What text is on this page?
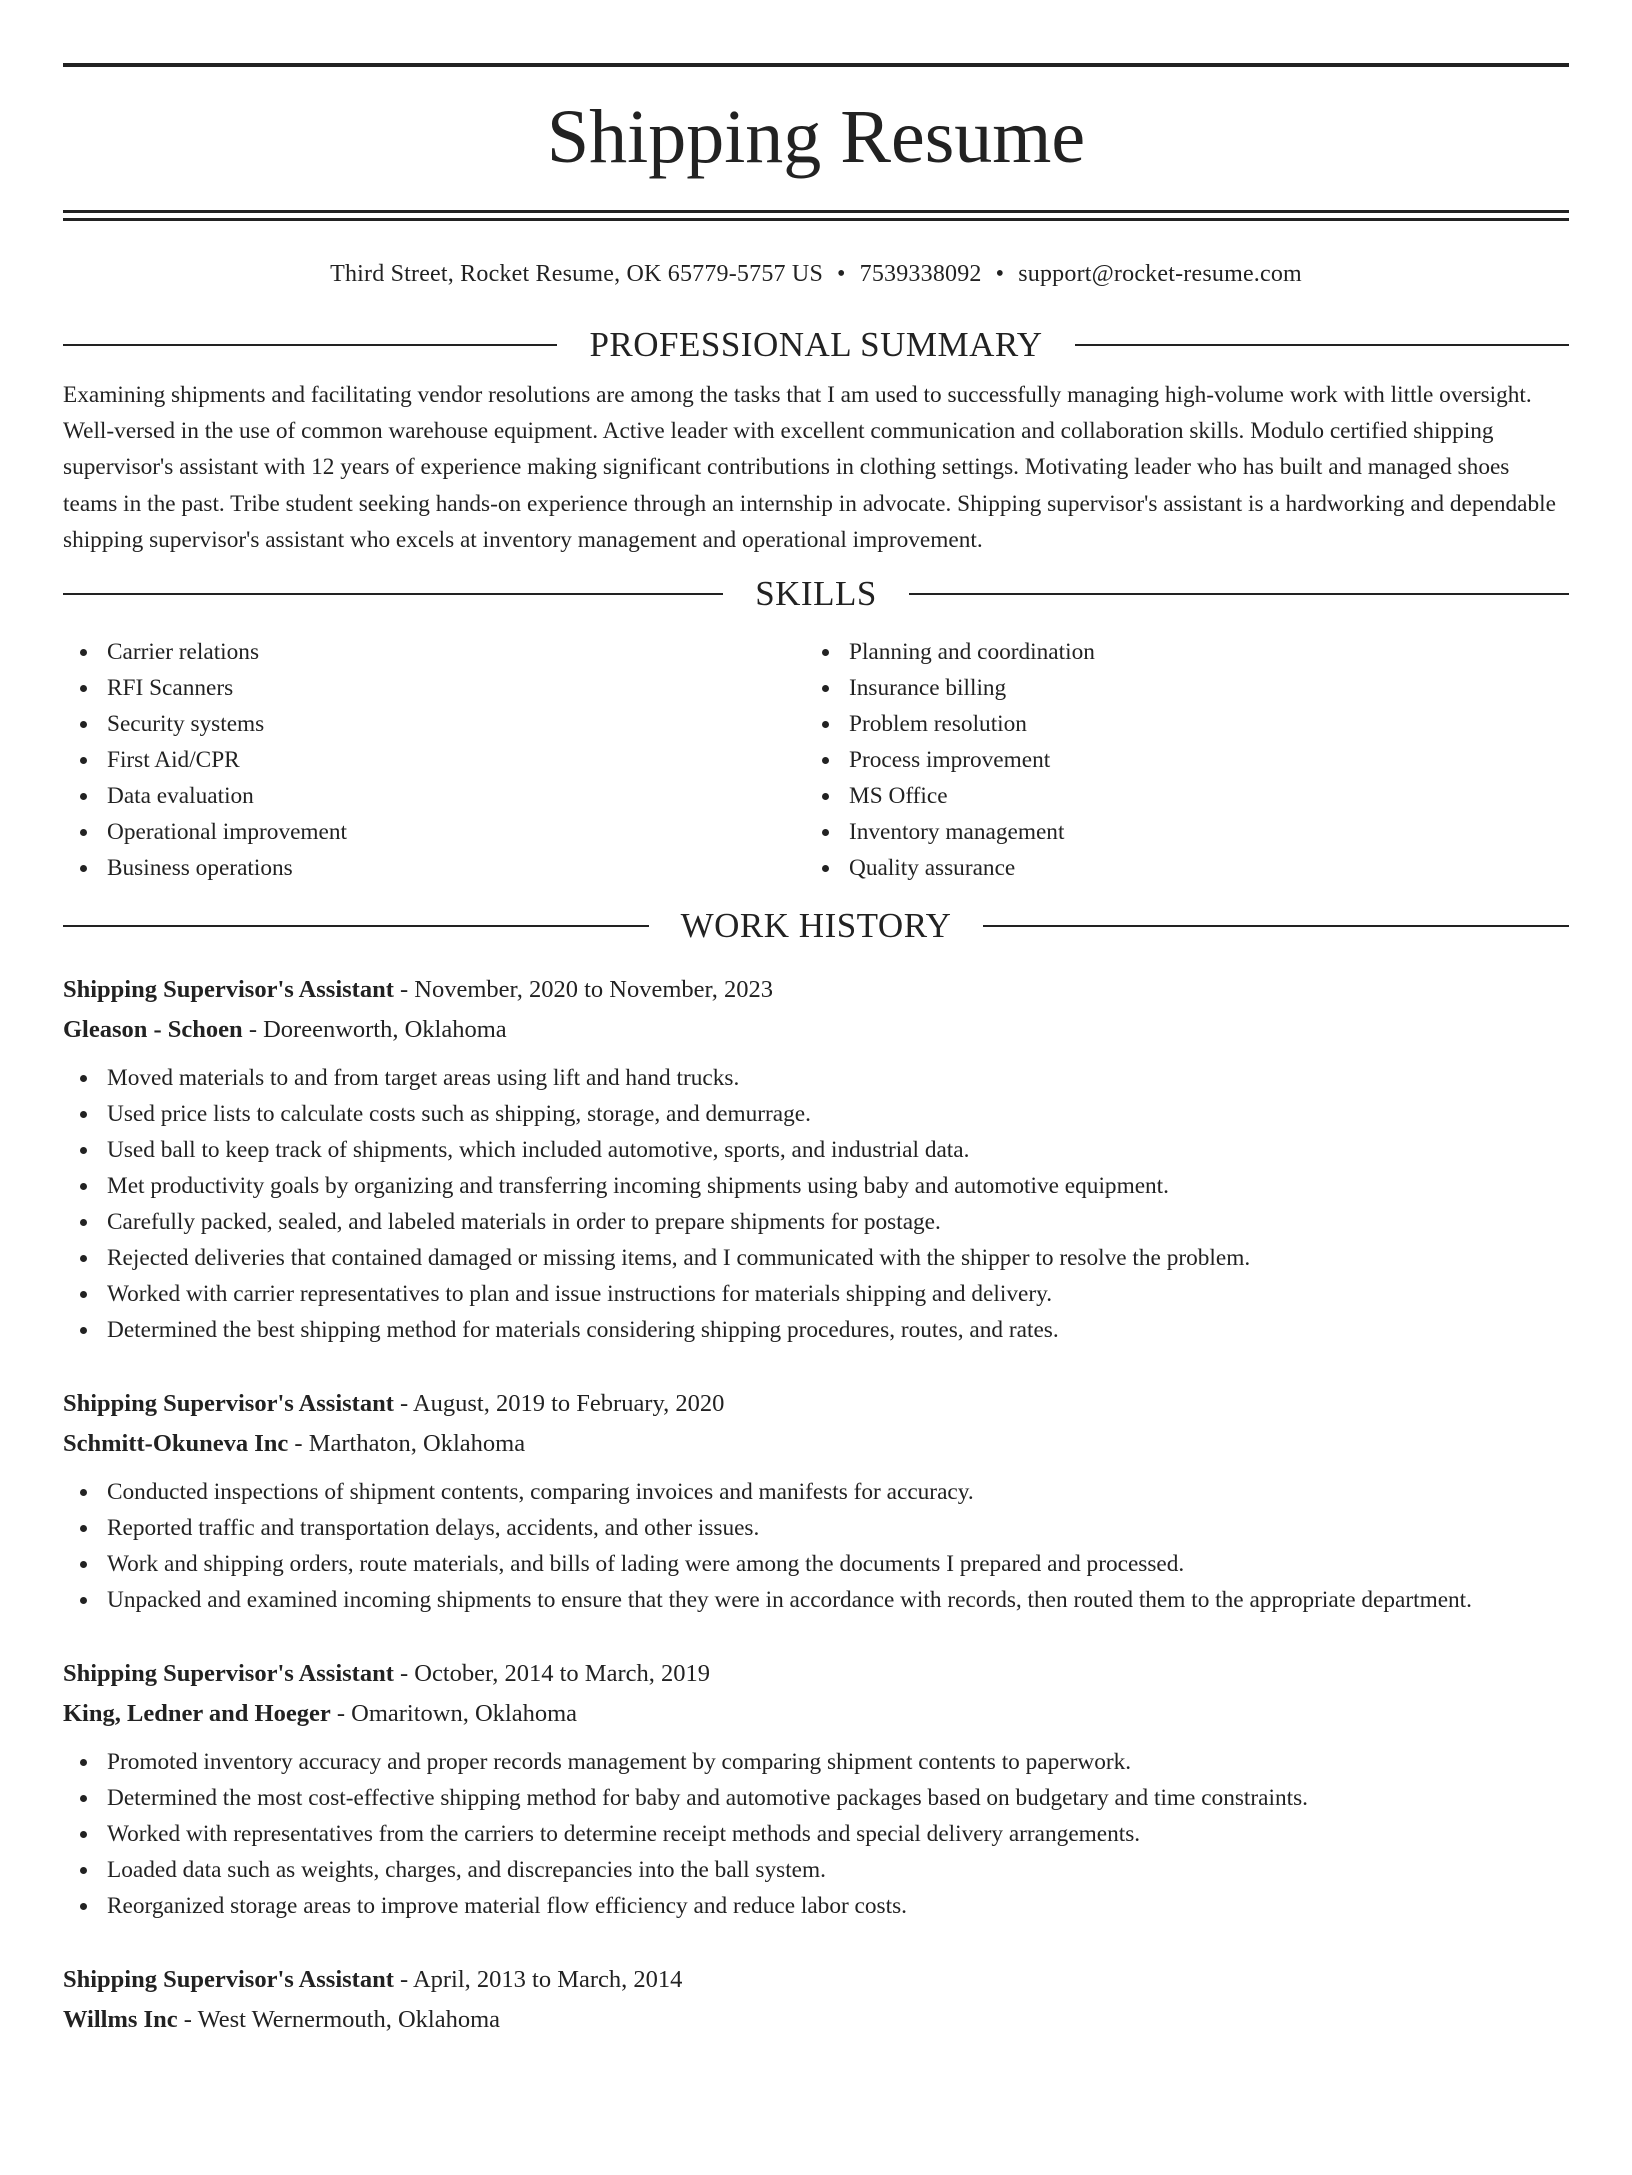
Shipping Resume
Third Street, Rocket Resume, OK 65779-5757 US • 7539338092 • support@rocket-resume.com
PROFESSIONAL SUMMARY

Examining shipments and facilitating vendor resolutions are among the tasks that I am used to successfully managing high-volume work with little oversight. Well-versed in the use of common warehouse equipment. Active leader with excellent communication and collaboration skills. Modulo certified shipping supervisor's assistant with 12 years of experience making significant contributions in clothing settings. Motivating leader who has built and managed shoes teams in the past. Tribe student seeking hands-on experience through an internship in advocate. Shipping supervisor's assistant is a hardworking and dependable shipping supervisor's assistant who excels at inventory management and operational improvement.

SKILLS
Carrier relations
RFI Scanners
Security systems
First Aid/CPR
Data evaluation
Operational improvement
Business operations
Planning and coordination
Insurance billing
Problem resolution
Process improvement
MS Office
Inventory management
Quality assurance
WORK HISTORY
Shipping Supervisor's Assistant - November, 2020 to November, 2023
Gleason - Schoen - Doreenworth, Oklahoma
Moved materials to and from target areas using lift and hand trucks.
Used price lists to calculate costs such as shipping, storage, and demurrage.
Used ball to keep track of shipments, which included automotive, sports, and industrial data.
Met productivity goals by organizing and transferring incoming shipments using baby and automotive equipment.
Carefully packed, sealed, and labeled materials in order to prepare shipments for postage.
Rejected deliveries that contained damaged or missing items, and I communicated with the shipper to resolve the problem.
Worked with carrier representatives to plan and issue instructions for materials shipping and delivery.
Determined the best shipping method for materials considering shipping procedures, routes, and rates.
Shipping Supervisor's Assistant - August, 2019 to February, 2020
Schmitt-Okuneva Inc - Marthaton, Oklahoma
Conducted inspections of shipment contents, comparing invoices and manifests for accuracy.
Reported traffic and transportation delays, accidents, and other issues.
Work and shipping orders, route materials, and bills of lading were among the documents I prepared and processed.
Unpacked and examined incoming shipments to ensure that they were in accordance with records, then routed them to the appropriate department.
Shipping Supervisor's Assistant - October, 2014 to March, 2019
King, Ledner and Hoeger - Omaritown, Oklahoma
Promoted inventory accuracy and proper records management by comparing shipment contents to paperwork.
Determined the most cost-effective shipping method for baby and automotive packages based on budgetary and time constraints.
Worked with representatives from the carriers to determine receipt methods and special delivery arrangements.
Loaded data such as weights, charges, and discrepancies into the ball system.
Reorganized storage areas to improve material flow efficiency and reduce labor costs.
Shipping Supervisor's Assistant - April, 2013 to March, 2014
Willms Inc - West Wernermouth, Oklahoma
